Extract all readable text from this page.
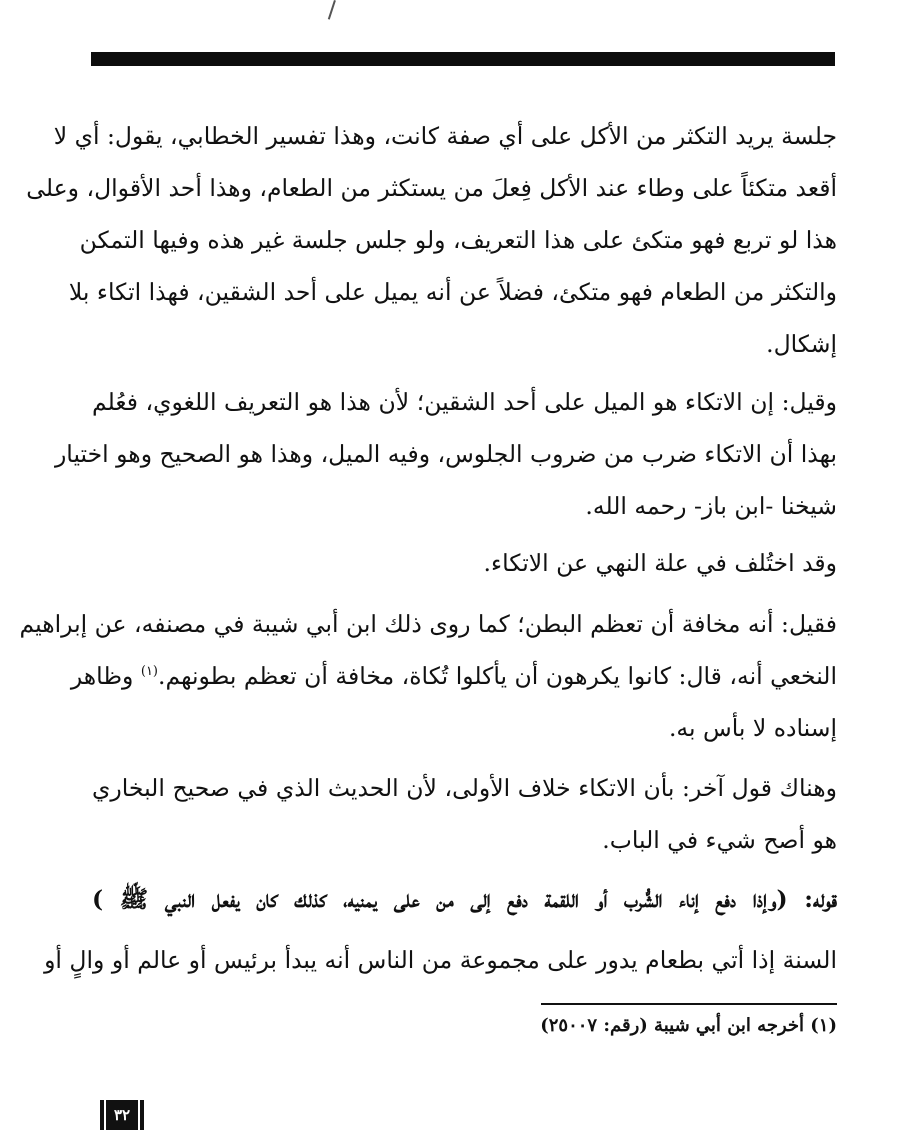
جلسة يريد التكثر من الأكل على أي صفة كانت، وهذا تفسير الخطابي، يقول: أي لا
أقعد متكئاً على وطاء عند الأكل فِعلَ من يستكثر من الطعام، وهذا أحد الأقوال، وعلى
هذا لو تربع فهو متكئ على هذا التعريف، ولو جلس جلسة غير هذه وفيها التمكن
والتكثر من الطعام فهو متكئ، فضلاً عن أنه يميل على أحد الشقين، فهذا اتكاء بلا
إشكال.
وقيل: إن الاتكاء هو الميل على أحد الشقين؛ لأن هذا هو التعريف اللغوي، فعُلم
بهذا أن الاتكاء ضرب من ضروب الجلوس، وفيه الميل، وهذا هو الصحيح وهو اختيار
شيخنا -ابن باز- رحمه الله.
وقد اختُلف في علة النهي عن الاتكاء.
فقيل: أنه مخافة أن تعظم البطن؛ كما روى ذلك ابن أبي شيبة في مصنفه، عن إبراهيم
النخعي أنه، قال: كانوا يكرهون أن يأكلوا تُكاة، مخافة أن تعظم بطونهم.$^{(١)}$ وظاهر
إسناده لا بأس به.
وهناك قول آخر: بأن الاتكاء خلاف الأولى، لأن الحديث الذي في صحيح البخاري
هو أصح شيء في الباب.
قوله: (وإذا دفع إناء الشُّرب أو اللقمة دفع إلى من على يمنيه، كذلك كان يفعل النبي ﷺ )
السنة إذا أتي بطعام يدور على مجموعة من الناس أنه يبدأ برئيس أو عالم أو والٍ أو
(١) أخرجه ابن أبي شيبة (رقم: ٢٥٠٠٧)
٣٢
